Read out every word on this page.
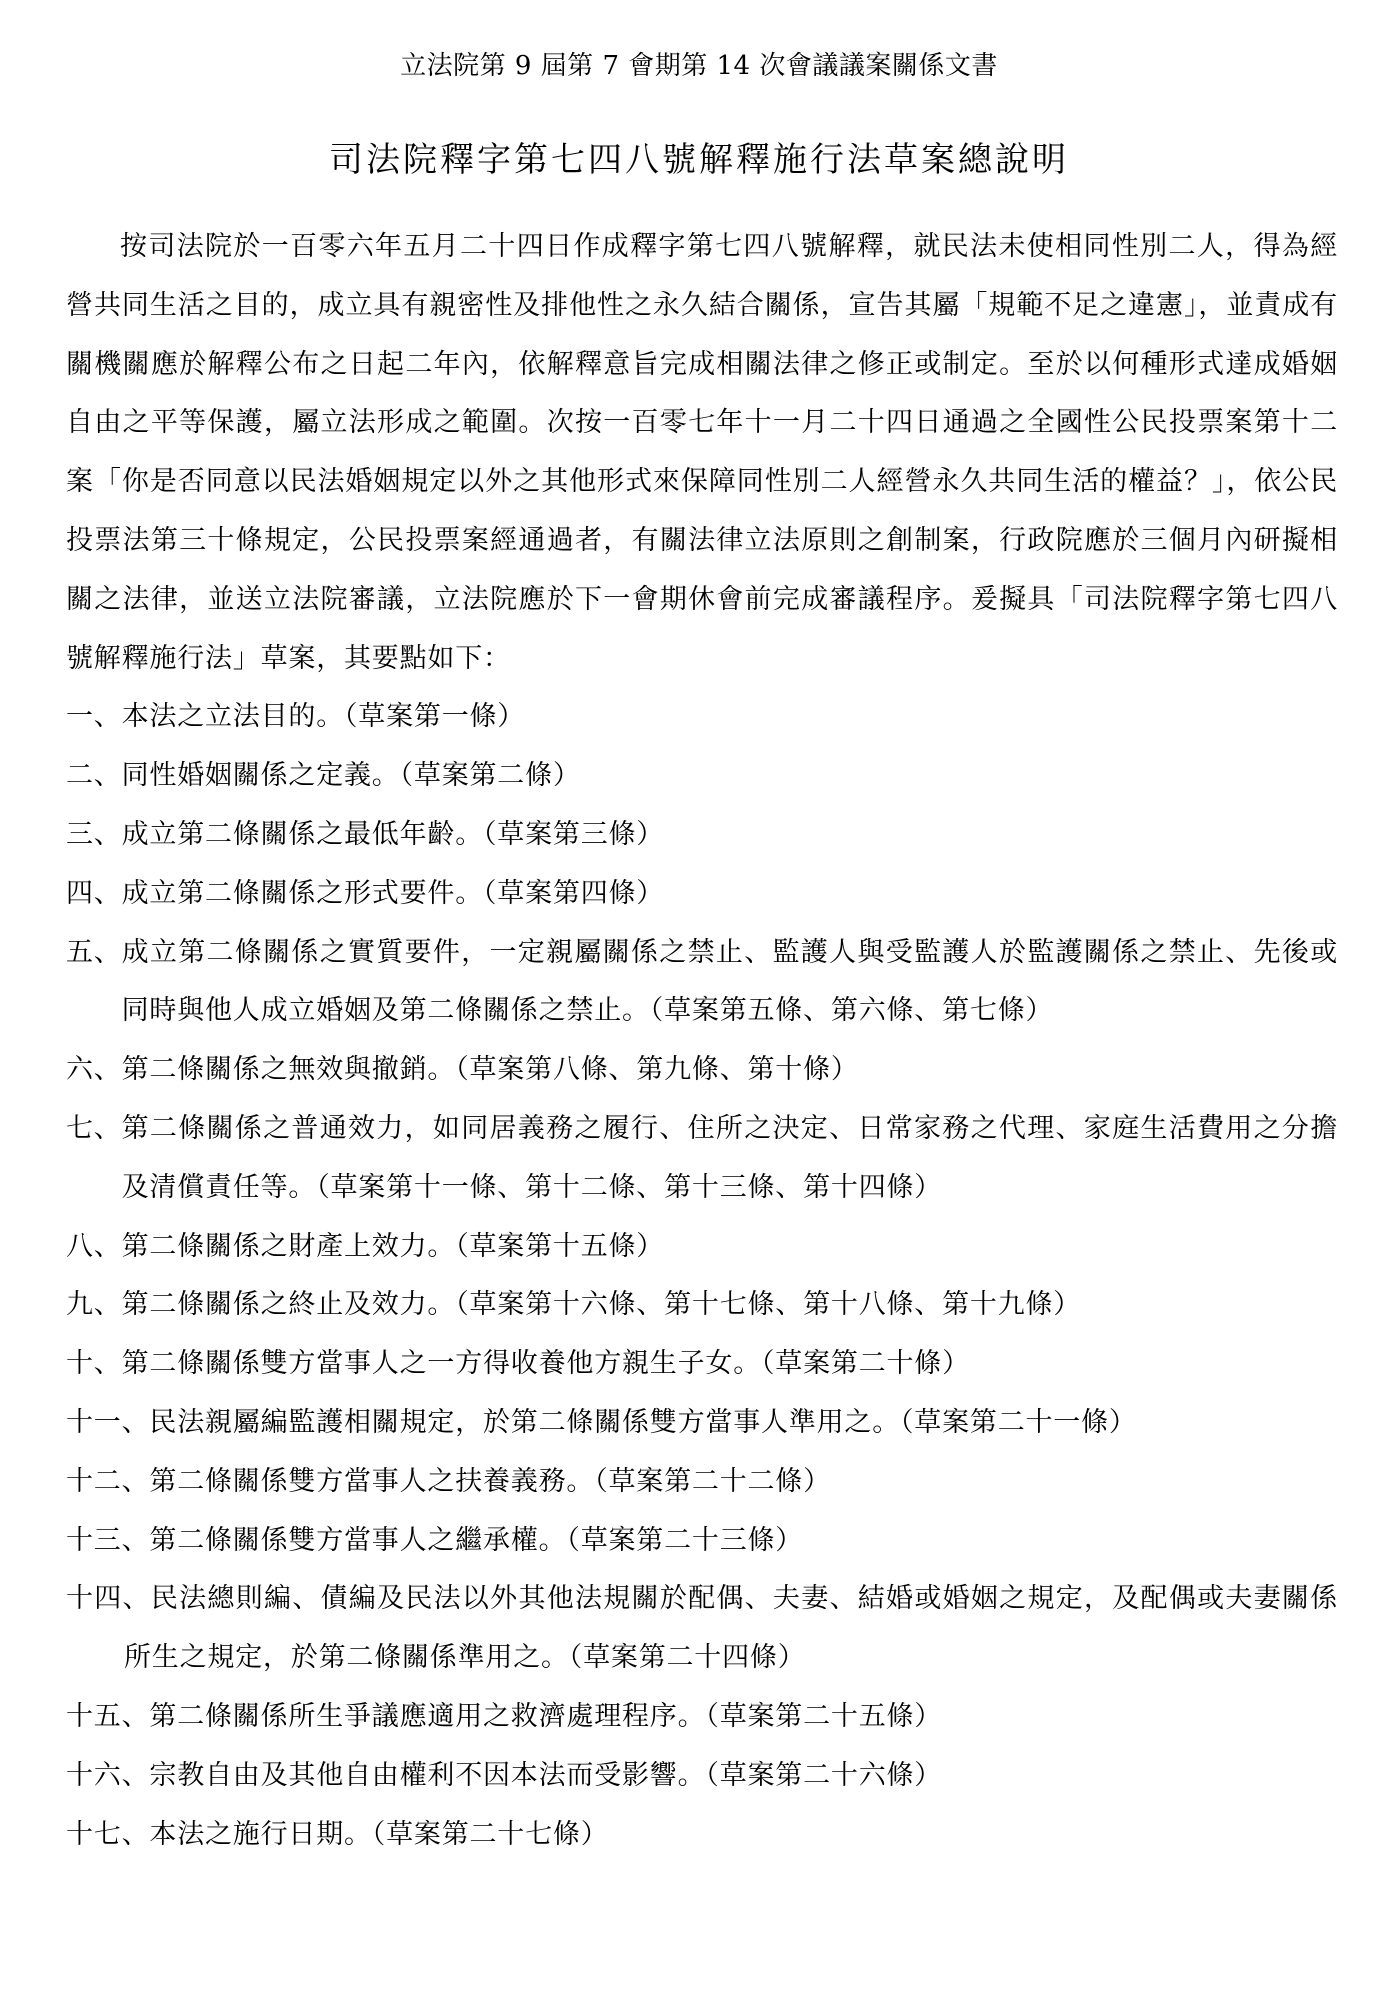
立法院第 9 屆第 7 會期第 14 次會議議案關係文書
司法院釋字第七四八號解釋施行法草案總說明

按司法院於一百零六年五月二十四日作成釋字第七四八號解釋，就民法未使相同性別二人，得為經營共同生活之目的，成立具有親密性及排他性之永久結合關係，宣告其屬「規範不足之違憲」，並責成有關機關應於解釋公布之日起二年內，依解釋意旨完成相關法律之修正或制定。至於以何種形式達成婚姻自由之平等保護，屬立法形成之範圍。次按一百零七年十一月二十四日通過之全國性公民投票案第十二案「你是否同意以民法婚姻規定以外之其他形式來保障同性別二人經營永久共同生活的權益？」，依公民投票法第三十條規定，公民投票案經通過者，有關法律立法原則之創制案，行政院應於三個月內研擬相關之法律，並送立法院審議，立法院應於下一會期休會前完成審議程序。爰擬具「司法院釋字第七四八號解釋施行法」草案，其要點如下：

一、 本法之立法目的。（草案第一條）
二、 同性婚姻關係之定義。（草案第二條）
三、 成立第二條關係之最低年齡。（草案第三條）
四、 成立第二條關係之形式要件。（草案第四條）
五、 成立第二條關係之實質要件，一定親屬關係之禁止、監護人與受監護人於監護關係之禁止、先後或同時與他人成立婚姻及第二條關係之禁止。（草案第五條、第六條、第七條）
六、 第二條關係之無效與撤銷。（草案第八條、第九條、第十條）
七、 第二條關係之普通效力，如同居義務之履行、住所之決定、日常家務之代理、家庭生活費用之分擔及清償責任等。（草案第十一條、第十二條、第十三條、第十四條）
八、 第二條關係之財產上效力。（草案第十五條）
九、 第二條關係之終止及效力。（草案第十六條、第十七條、第十八條、第十九條）
十、 第二條關係雙方當事人之一方得收養他方親生子女。（草案第二十條）
十一、 民法親屬編監護相關規定，於第二條關係雙方當事人準用之。（草案第二十一條）
十二、 第二條關係雙方當事人之扶養義務。（草案第二十二條）
十三、 第二條關係雙方當事人之繼承權。（草案第二十三條）
十四、民法總則編、債編及民法以外其他法規關於配偶、夫妻、結婚或婚姻之規定，及配偶或夫妻關係所生之規定，於第二條關係準用之。（草案第二十四條）
十五、 第二條關係所生爭議應適用之救濟處理程序。（草案第二十五條）
十六、 宗教自由及其他自由權利不因本法而受影響。（草案第二十六條）
十七、 本法之施行日期。（草案第二十七條）
